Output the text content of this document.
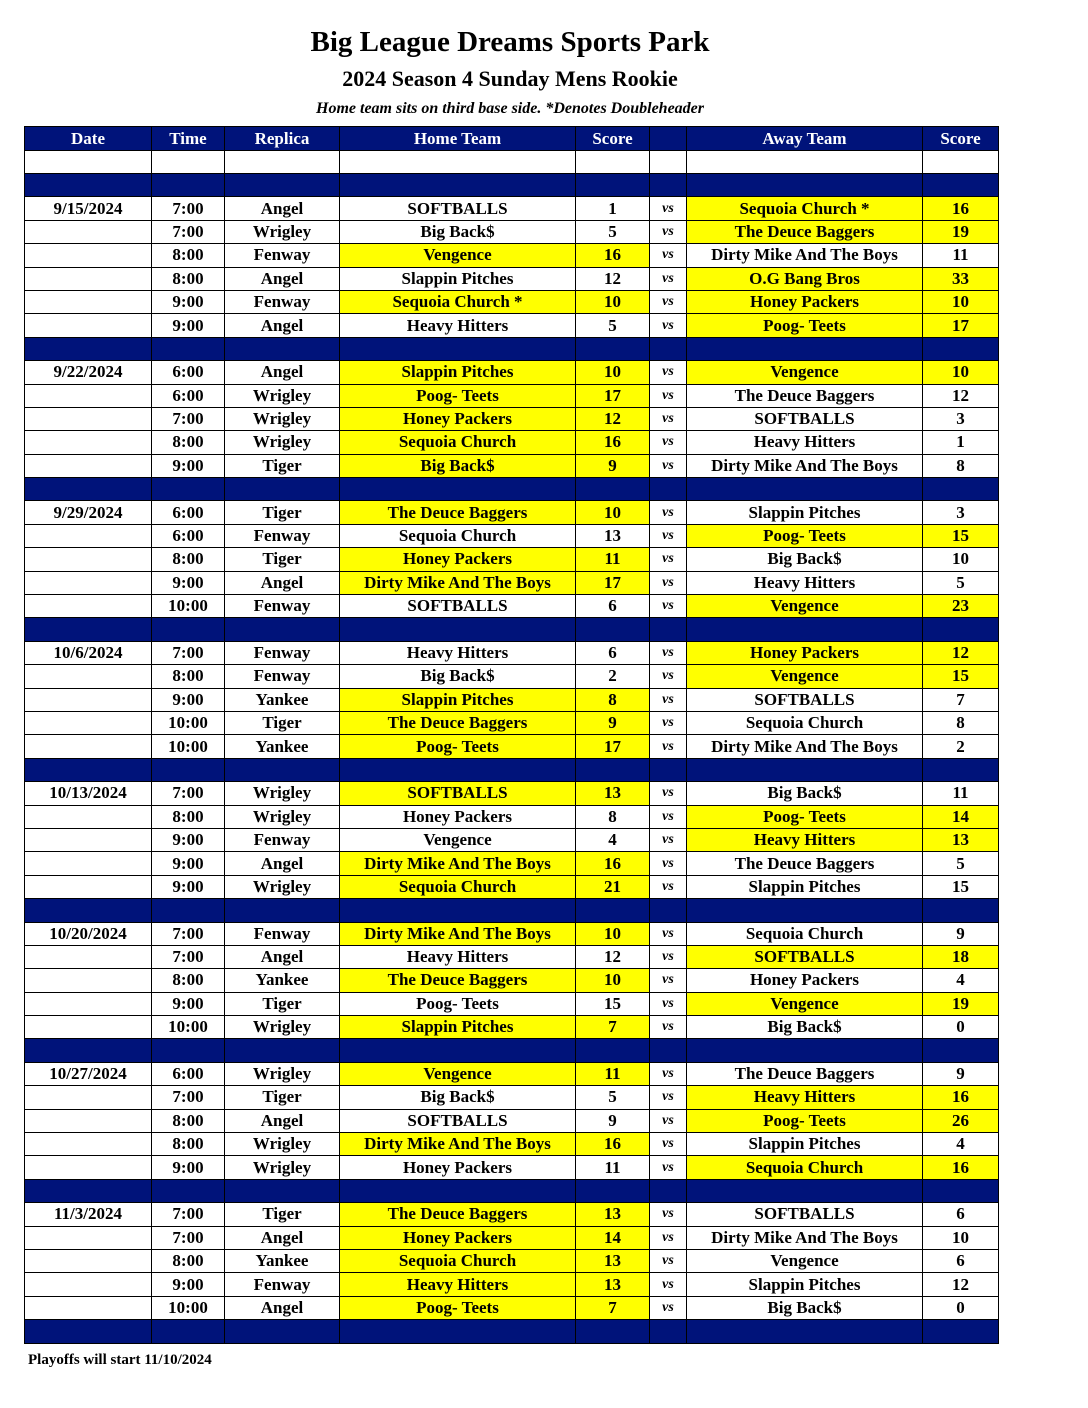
Big League Dreams Sports Park
2024 Season 4 Sunday Mens Rookie
Home team sits on third base side. *Denotes Doubleheader
Date	Time	Replica	Home Team	Score		Away Team	Score

9/15/2024	7:00	Angel	SOFTBALLS	1	vs	Sequoia Church *	16
	7:00	Wrigley	Big Back$	5	vs	The Deuce Baggers	19
	8:00	Fenway	Vengence	16	vs	Dirty Mike And The Boys	11
	8:00	Angel	Slappin Pitches	12	vs	O.G Bang Bros	33
	9:00	Fenway	Sequoia Church *	10	vs	Honey Packers	10
	9:00	Angel	Heavy Hitters	5	vs	Poog- Teets	17

9/22/2024	6:00	Angel	Slappin Pitches	10	vs	Vengence	10
	6:00	Wrigley	Poog- Teets	17	vs	The Deuce Baggers	12
	7:00	Wrigley	Honey Packers	12	vs	SOFTBALLS	3
	8:00	Wrigley	Sequoia Church	16	vs	Heavy Hitters	1
	9:00	Tiger	Big Back$	9	vs	Dirty Mike And The Boys	8

9/29/2024	6:00	Tiger	The Deuce Baggers	10	vs	Slappin Pitches	3
	6:00	Fenway	Sequoia Church	13	vs	Poog- Teets	15
	8:00	Tiger	Honey Packers	11	vs	Big Back$	10
	9:00	Angel	Dirty Mike And The Boys	17	vs	Heavy Hitters	5
	10:00	Fenway	SOFTBALLS	6	vs	Vengence	23

10/6/2024	7:00	Fenway	Heavy Hitters	6	vs	Honey Packers	12
	8:00	Fenway	Big Back$	2	vs	Vengence	15
	9:00	Yankee	Slappin Pitches	8	vs	SOFTBALLS	7
	10:00	Tiger	The Deuce Baggers	9	vs	Sequoia Church	8
	10:00	Yankee	Poog- Teets	17	vs	Dirty Mike And The Boys	2

10/13/2024	7:00	Wrigley	SOFTBALLS	13	vs	Big Back$	11
	8:00	Wrigley	Honey Packers	8	vs	Poog- Teets	14
	9:00	Fenway	Vengence	4	vs	Heavy Hitters	13
	9:00	Angel	Dirty Mike And The Boys	16	vs	The Deuce Baggers	5
	9:00	Wrigley	Sequoia Church	21	vs	Slappin Pitches	15

10/20/2024	7:00	Fenway	Dirty Mike And The Boys	10	vs	Sequoia Church	9
	7:00	Angel	Heavy Hitters	12	vs	SOFTBALLS	18
	8:00	Yankee	The Deuce Baggers	10	vs	Honey Packers	4
	9:00	Tiger	Poog- Teets	15	vs	Vengence	19
	10:00	Wrigley	Slappin Pitches	7	vs	Big Back$	0

10/27/2024	6:00	Wrigley	Vengence	11	vs	The Deuce Baggers	9
	7:00	Tiger	Big Back$	5	vs	Heavy Hitters	16
	8:00	Angel	SOFTBALLS	9	vs	Poog- Teets	26
	8:00	Wrigley	Dirty Mike And The Boys	16	vs	Slappin Pitches	4
	9:00	Wrigley	Honey Packers	11	vs	Sequoia Church	16

11/3/2024	7:00	Tiger	The Deuce Baggers	13	vs	SOFTBALLS	6
	7:00	Angel	Honey Packers	14	vs	Dirty Mike And The Boys	10
	8:00	Yankee	Sequoia Church	13	vs	Vengence	6
	9:00	Fenway	Heavy Hitters	13	vs	Slappin Pitches	12
	10:00	Angel	Poog- Teets	7	vs	Big Back$	0

Playoffs will start 11/10/2024
